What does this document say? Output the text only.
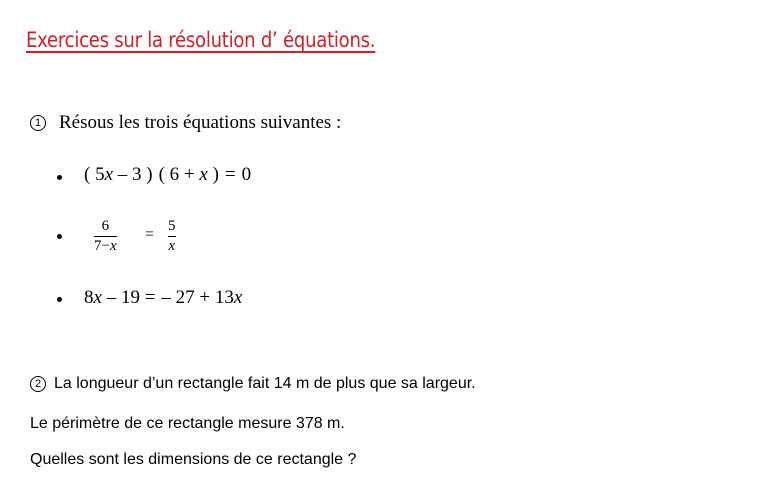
Exercices sur la résolution d’ équations.
1 Résous les trois équations suivantes :
( 5x – 3 ) ( 6 + x ) = 0
6
7−x
= 5
x
8x – 19 = – 27 + 13x
2 La longueur d’un rectangle fait 14 m de plus que sa largeur.
Le périmètre de ce rectangle mesure 378 m.
Quelles sont les dimensions de ce rectangle ?
